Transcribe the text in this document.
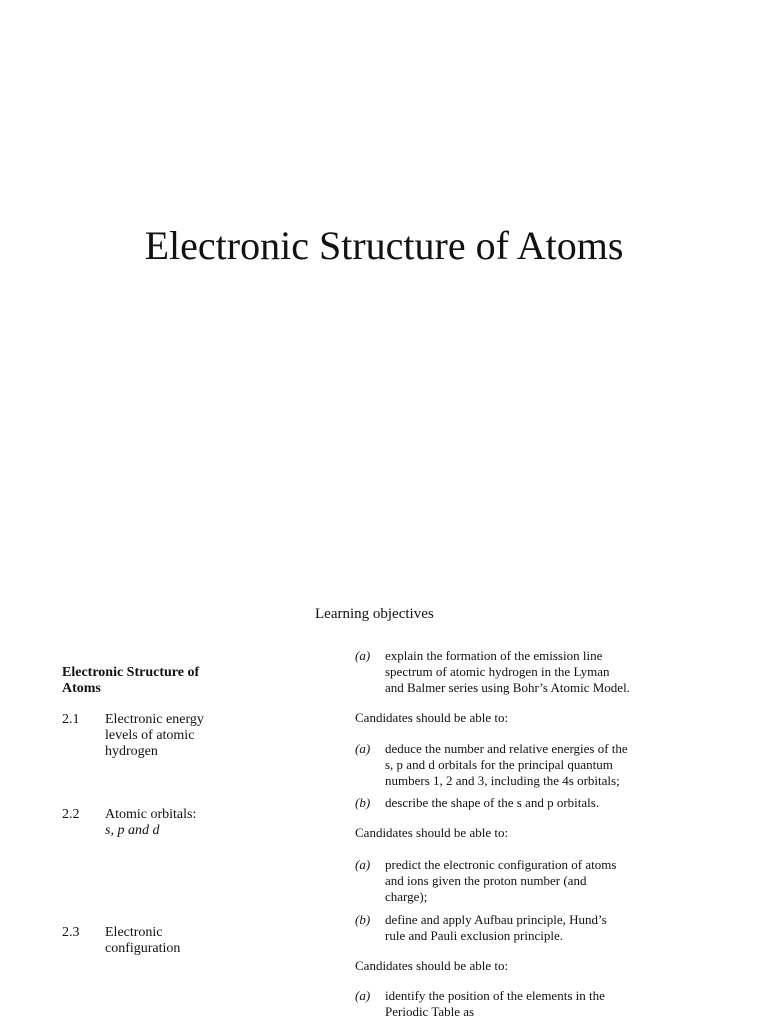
Electronic Structure of Atoms

Learning objectives

Electronic Structure of
Atoms
2.1 Electronic energy
levels of atomic
hydrogen
2.2 Atomic orbitals:
s, p and d
2.3 Electronic
configuration
(a) explain the formation of the emission line
spectrum of atomic hydrogen in the Lyman
and Balmer series using Bohr’s Atomic Model.
Candidates should be able to:
(a) deduce the number and relative energies of the
s, p and d orbitals for the principal quantum
numbers 1, 2 and 3, including the 4s orbitals;
(b) describe the shape of the s and p orbitals.
Candidates should be able to:
(a) predict the electronic configuration of atoms
and ions given the proton number (and
charge);
(b) define and apply Aufbau principle, Hund’s
rule and Pauli exclusion principle.
Candidates should be able to:
(a) identify the position of the elements in the
Periodic Table as
